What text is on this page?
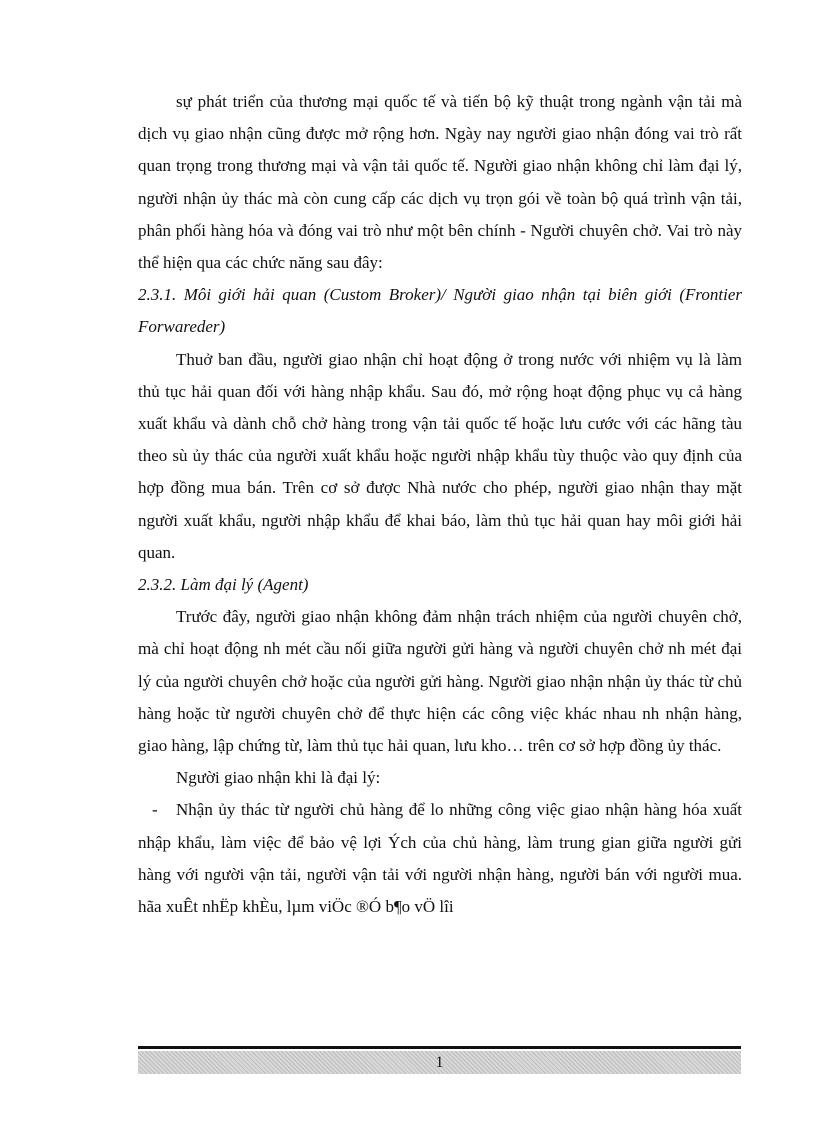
sự phát triển của thương mại quốc tế và tiến bộ kỹ thuật trong ngành vận tải mà dịch vụ giao nhận cũng được mở rộng hơn. Ngày nay người giao nhận đóng vai trò rất quan trọng trong thương mại và vận tải quốc tế. Người giao nhận không chỉ làm đại lý, người nhận ủy thác mà còn cung cấp các dịch vụ trọn gói về toàn bộ quá trình vận tải, phân phối hàng hóa và đóng vai trò như một bên chính - Người chuyên chở. Vai trò này thể hiện qua các chức năng sau đây:

2.3.1. Môi giới hải quan (Custom Broker)/ Người giao nhận tại biên giới (Frontier Forwareder)

Thuở ban đầu, người giao nhận chỉ hoạt động ở trong nước với nhiệm vụ là làm thủ tục hải quan đối với hàng nhập khẩu. Sau đó, mở rộng hoạt động phục vụ cả hàng xuất khẩu và dành chỗ chở hàng trong vận tải quốc tế hoặc lưu cước với các hãng tàu theo sù ủy thác của người xuất khẩu hoặc người nhập khẩu tùy thuộc vào quy định của hợp đồng mua bán. Trên cơ sở được Nhà nước cho phép, người giao nhận thay mặt người xuất khẩu, người nhập khẩu để khai báo, làm thủ tục hải quan hay môi giới hải quan.

2.3.2. Làm đại lý (Agent)

Trước đây, người giao nhận không đảm nhận trách nhiệm của người chuyên chở, mà chỉ hoạt động nh mét cầu nối giữa người gửi hàng và người chuyên chở nh mét đại lý của người chuyên chở hoặc của người gửi hàng. Người giao nhận nhận ủy thác từ chủ hàng hoặc từ người chuyên chở để thực hiện các công việc khác nhau nh nhận hàng, giao hàng, lập chứng từ, làm thủ tục hải quan, lưu kho… trên cơ sở hợp đồng ủy thác.

Người giao nhận khi là đại lý:

- Nhận ủy thác từ người chủ hàng để lo những công việc giao nhận hàng hóa xuất nhập khẩu, làm việc để bảo vệ lợi Ých của chủ hàng, làm trung gian giữa người gửi hàng với người vận tải, người vận tải với người nhận hàng, người bán với người mua. hãa xuÊt nhËp khÈu, lµm viÖc ®Ó b¶o vÖ lîi

1
